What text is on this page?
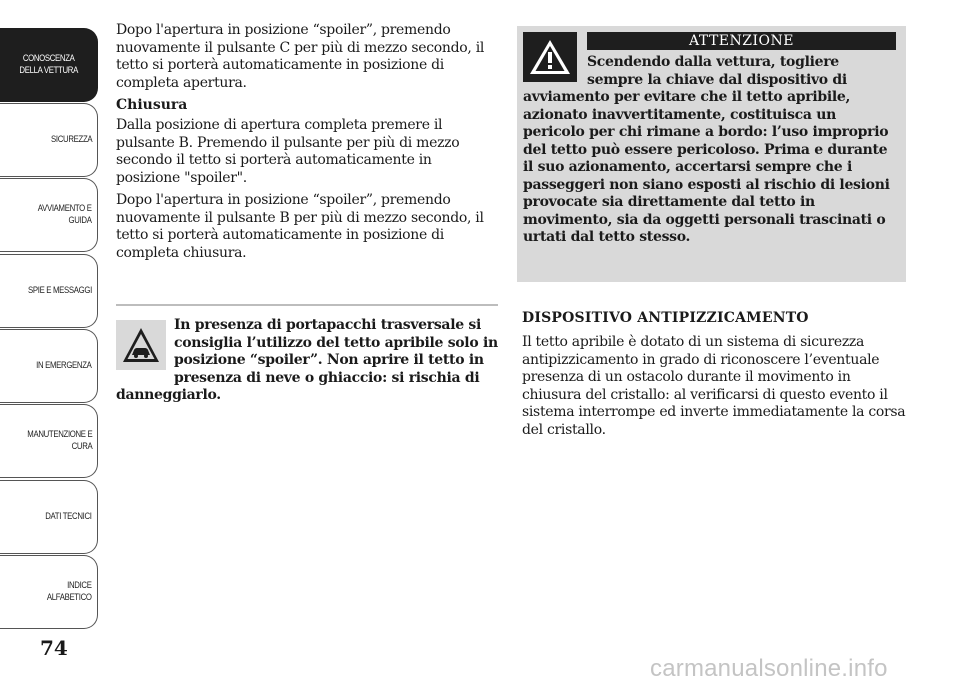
CONOSCENZA
DELLA VETTURA
SICUREZZA
AVVIAMENTO E
GUIDA
SPIE E MESSAGGI
IN EMERGENZA
MANUTENZIONE E
CURA
DATI TECNICI
INDICE
ALFABETICO
74

Dopo l'apertura in posizione “spoiler”, premendo nuovamente il pulsante C per più di mezzo secondo, il tetto si porterà automaticamente in posizione di completa apertura.

Chiusura

Dalla posizione di apertura completa premere il pulsante B. Premendo il pulsante per più di mezzo secondo il tetto si porterà automaticamente in posizione "spoiler".

Dopo l'apertura in posizione “spoiler”, premendo nuovamente il pulsante B per più di mezzo secondo, il tetto si porterà automaticamente in posizione di completa chiusura.

In presenza di portapacchi trasversale si consiglia l’utilizzo del tetto apribile solo in posizione “spoiler”. Non aprire il tetto in presenza di neve o ghiaccio: si rischia di danneggiarlo.

ATTENZIONE

Scendendo dalla vettura, togliere sempre la chiave dal dispositivo di avviamento per evitare che il tetto apribile, azionato inavvertitamente, costituisca un pericolo per chi rimane a bordo: l’uso improprio del tetto può essere pericoloso. Prima e durante il suo azionamento, accertarsi sempre che i passeggeri non siano esposti al rischio di lesioni provocate sia direttamente dal tetto in movimento, sia da oggetti personali trascinati o urtati dal tetto stesso.

DISPOSITIVO ANTIPIZZICAMENTO

Il tetto apribile è dotato di un sistema di sicurezza antipizzicamento in grado di riconoscere l’eventuale presenza di un ostacolo durante il movimento in chiusura del cristallo: al verificarsi di questo evento il sistema interrompe ed inverte immediatamente la corsa del cristallo.

carmanualsonline.info
